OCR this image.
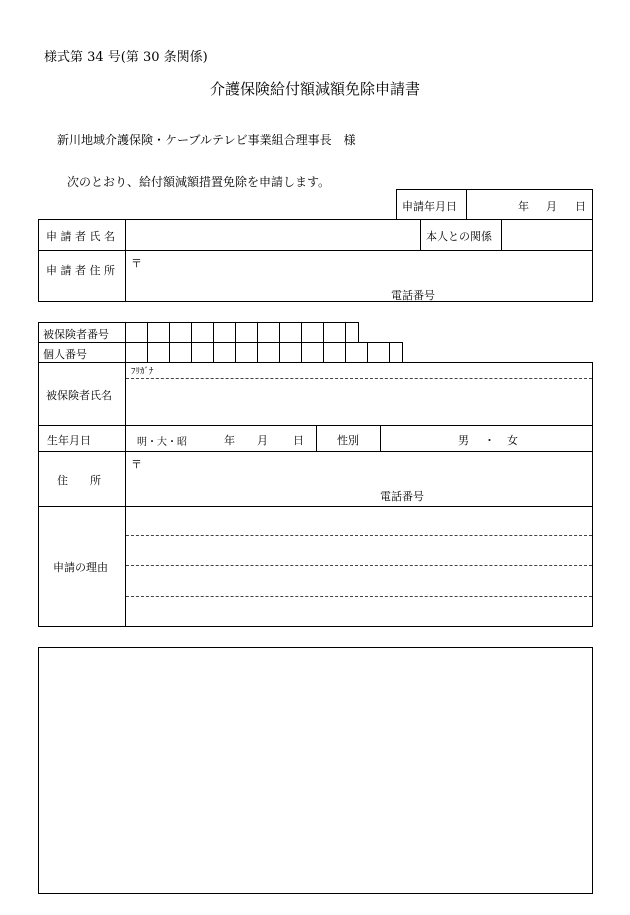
様式第 34 号(第 30 条関係)
介護保険給付額減額免除申請書
新川地域介護保険・ケーブルテレビ事業組合理事長　様
次のとおり、給付額減額措置免除を申請します。
申請年月日	年 月 日
申 請 者 氏 名	本人との関係
申 請 者 住 所
〒
電話番号
被保険者番号
個人番号
ﾌﾘｶﾞﾅ
被保険者氏名
生年月日	明・大・昭	年 月 日	性別	男 ・ 女
住　　所
〒
電話番号
申請の理由
